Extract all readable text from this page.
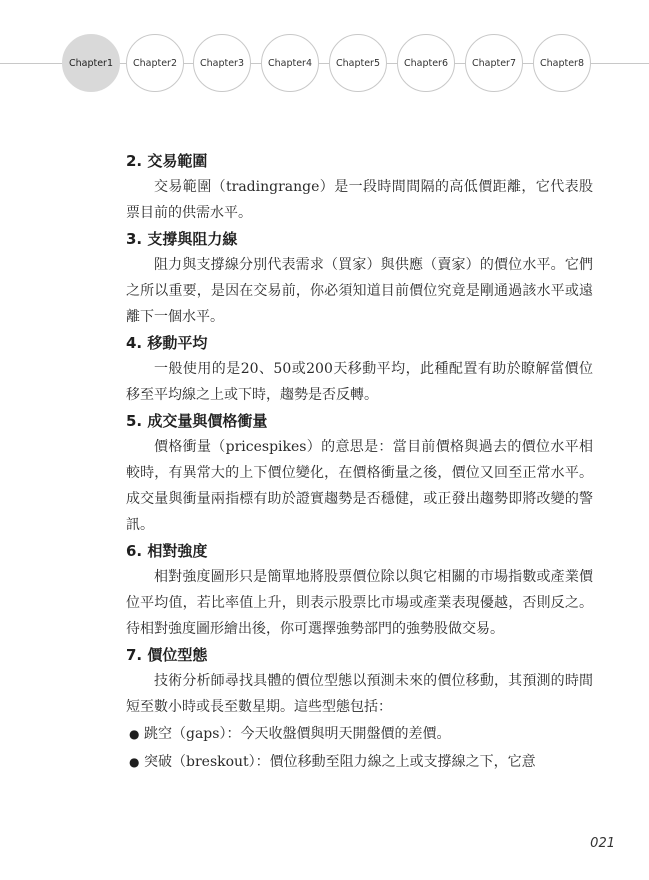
Chapter1	Chapter2	Chapter3	Chapter4	Chapter5	Chapter6	Chapter7	Chapter8
2. 交易範圍

交易範圍（tradingrange）是一段時間間隔的高低價距離，它代表股票目前的供需水平。

3. 支撐與阻力線

阻力與支撐線分別代表需求（買家）與供應（賣家）的價位水平。它們之所以重要，是因在交易前，你必須知道目前價位究竟是剛通過該水平或遠離下一個水平。

4. 移動平均

一般使用的是20、50或200天移動平均，此種配置有助於瞭解當價位移至平均線之上或下時，趨勢是否反轉。

5. 成交量與價格衝量

價格衝量（pricespikes）的意思是：當目前價格與過去的價位水平相較時，有異常大的上下價位變化，在價格衝量之後，價位又回至正常水平。成交量與衝量兩指標有助於證實趨勢是否穩健，或正發出趨勢即將改變的警訊。

6. 相對強度

相對強度圖形只是簡單地將股票價位除以與它相關的市場指數或產業價位平均值，若比率值上升，則表示股票比市場或產業表現優越，否則反之。待相對強度圖形繪出後，你可選擇強勢部門的強勢股做交易。

7. 價位型態

技術分析師尋找具體的價位型態以預測未來的價位移動，其預測的時間短至數小時或長至數星期。這些型態包括：

● 跳空（gaps）：今天收盤價與明天開盤價的差價。

● 突破（breskout）：價位移動至阻力線之上或支撐線之下，它意

021
